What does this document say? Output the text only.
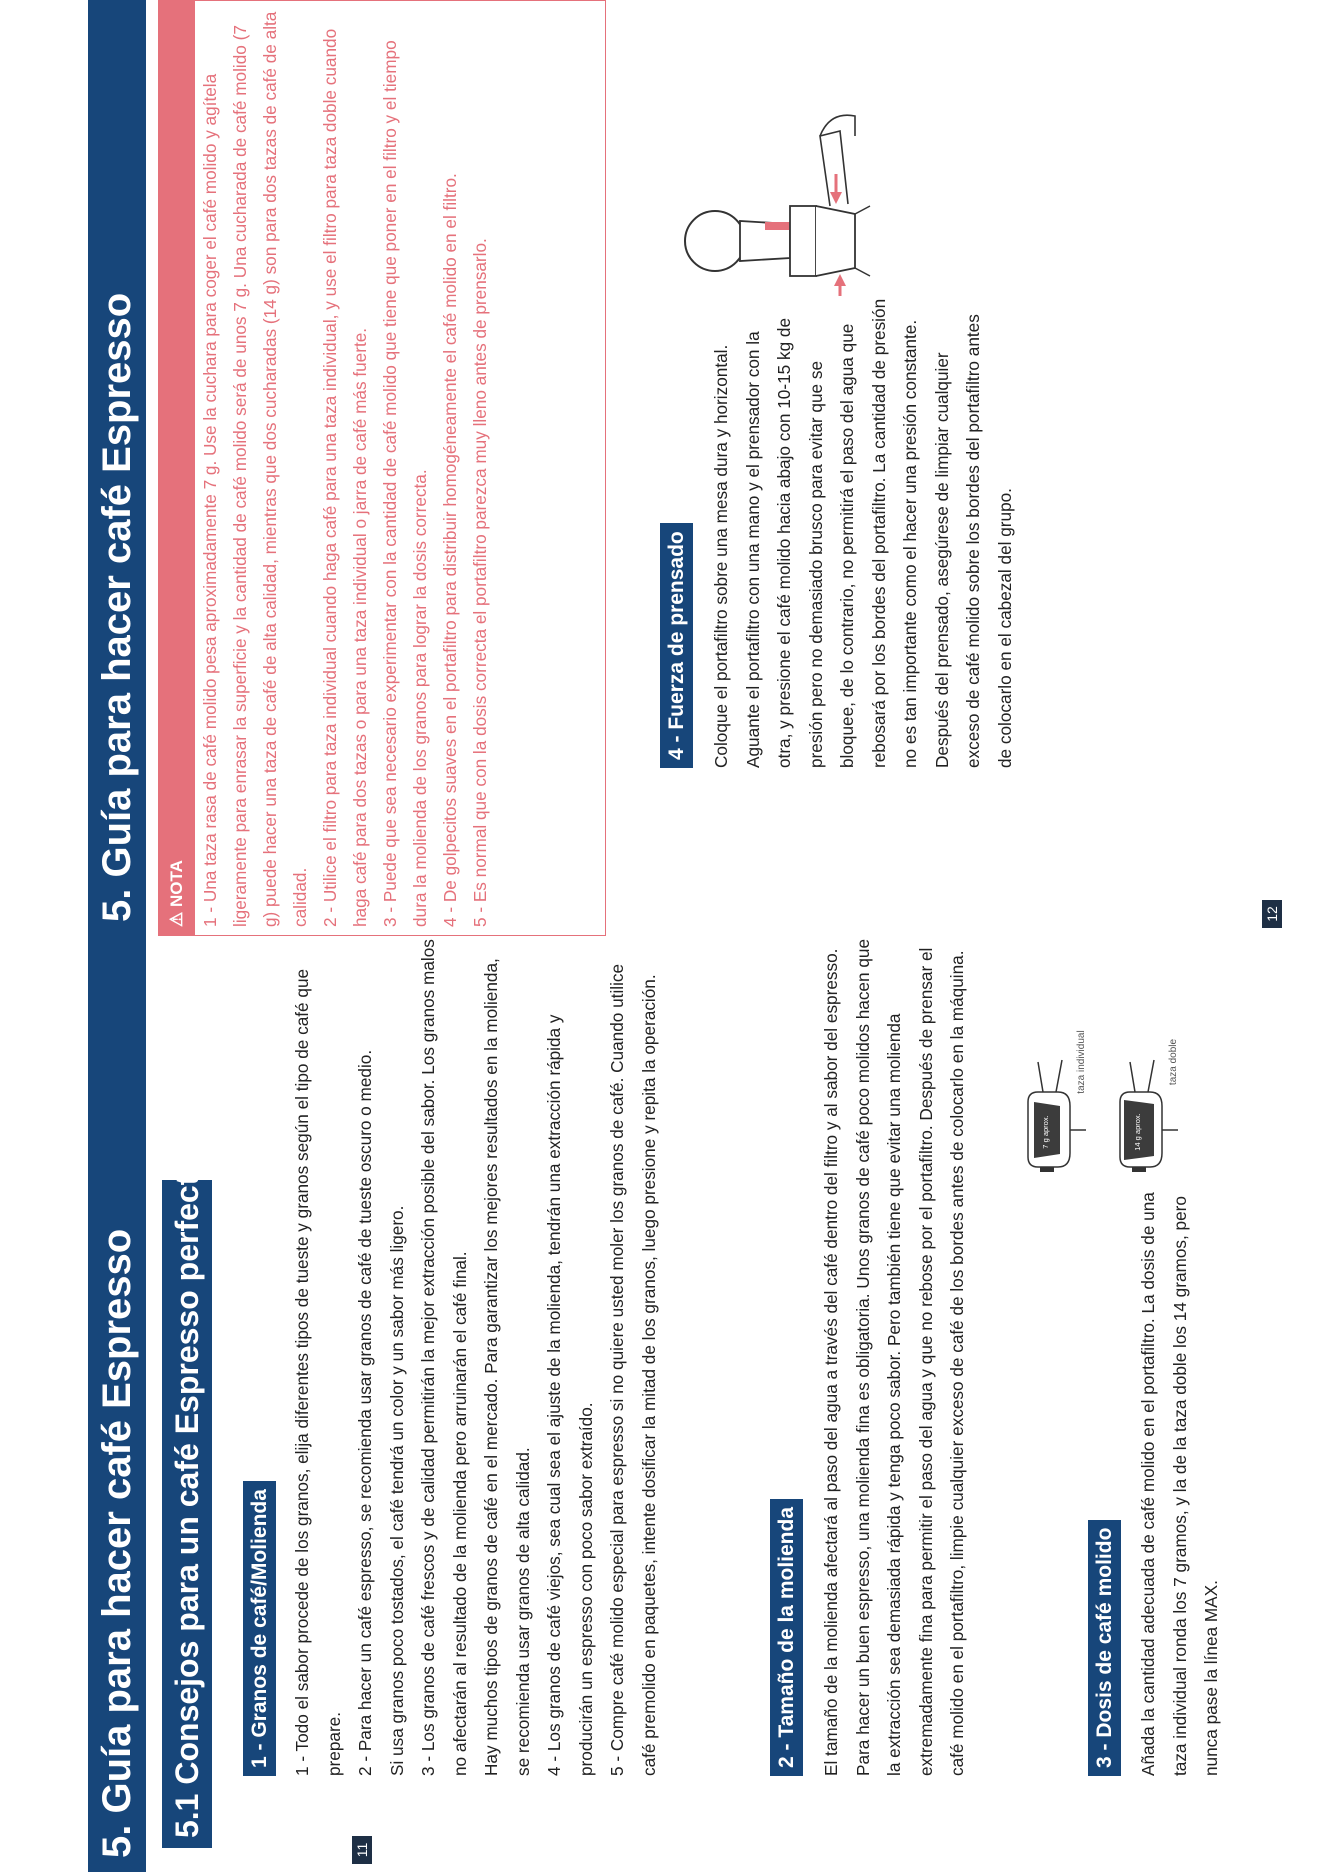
5. Guía para hacer café Espresso 5.1 Consejos para un café Espresso perfecto	1 - Granos de café/Molienda 1 - Todo el sabor procede de los granos, elija diferentes tipos de tueste y granos según el tipo de café que prepare. 2 - Para hacer un café espresso, se recomienda usar granos de café de tueste oscuro o medio. Si usa granos poco tostados, el café tendrá un color y un sabor más ligero. 3 - Los granos de café frescos y de calidad permitirán la mejor extracción posible del sabor. Los granos malos no afectarán al resultado de la molienda pero arruinarán el café final. Hay muchos tipos de granos de café en el mercado. Para garantizar los mejores resultados en la molienda, se recomienda usar granos de alta calidad. 4 - Los granos de café viejos, sea cual sea el ajuste de la molienda, tendrán una extracción rápida y producirán un espresso con poco sabor extraído. 5 - Compre café molido especial para espresso si no quiere usted moler los granos de café. Cuando utilice café premolido en paquetes, intente dosificar la mitad de los granos, luego presione y repita la operación.	2 - Tamaño de la molienda El tamaño de la molienda afectará al paso del agua a través del café dentro del filtro y al sabor del espresso. Para hacer un buen espresso, una molienda fina es obligatoria. Unos granos de café poco molidos hacen que la extracción sea demasiada rápida y tenga poco sabor. Pero también tiene que evitar una molienda extremadamente fina para permitir el paso del agua y que no rebose por el portafiltro. Después de prensar el café molido en el portafiltro, limpie cualquier exceso de café de los bordes antes de colocarlo en la máquina.	3 - Dosis de café molido Añada la cantidad adecuada de café molido en el portafiltro. La dosis de una taza individual ronda los 7 gramos, y la de la taza doble los 14 gramos, pero nunca pase la línea MAX.

7 g aprox.
taza individual
14 g aprox.
taza doble
11
5. Guía para hacer café Espresso	⚠ NOTA 1 - Una taza rasa de café molido pesa aproximadamente 7 g. Use la cuchara para coger el café molido y agítela ligeramente para enrasar la superficie y la cantidad de café molido será de unos 7 g. Una cucharada de café molido (7 g) puede hacer una taza de café de alta calidad, mientras que dos cucharadas (14 g) son para dos tazas de café de alta calidad. 2 - Utilice el filtro para taza individual cuando haga café para una taza individual, y use el filtro para taza doble cuando haga café para dos tazas o para una taza individual o jarra de café más fuerte. 3 - Puede que sea necesario experimentar con la cantidad de café molido que tiene que poner en el filtro y el tiempo dura la molienda de los granos para lograr la dosis correcta. 4 - De golpecitos suaves en el portafiltro para distribuir homogéneamente el café molido en el filtro. 5 - Es normal que con la dosis correcta el portafiltro parezca muy lleno antes de prensarlo.	4 - Fuerza de prensado Coloque el portafiltro sobre una mesa dura y horizontal. Aguante el portafiltro con una mano y el prensador con la otra, y presione el café molido hacia abajo con 10-15 kg de presión pero no demasiado brusco para evitar que se bloquee, de lo contrario, no permitirá el paso del agua que rebosará por los bordes del portafiltro. La cantidad de presión no es tan importante como el hacer una presión constante. Después del prensado, asegúrese de limpiar cualquier exceso de café molido sobre los bordes del portafiltro antes de colocarlo en el cabezal del grupo.

12
